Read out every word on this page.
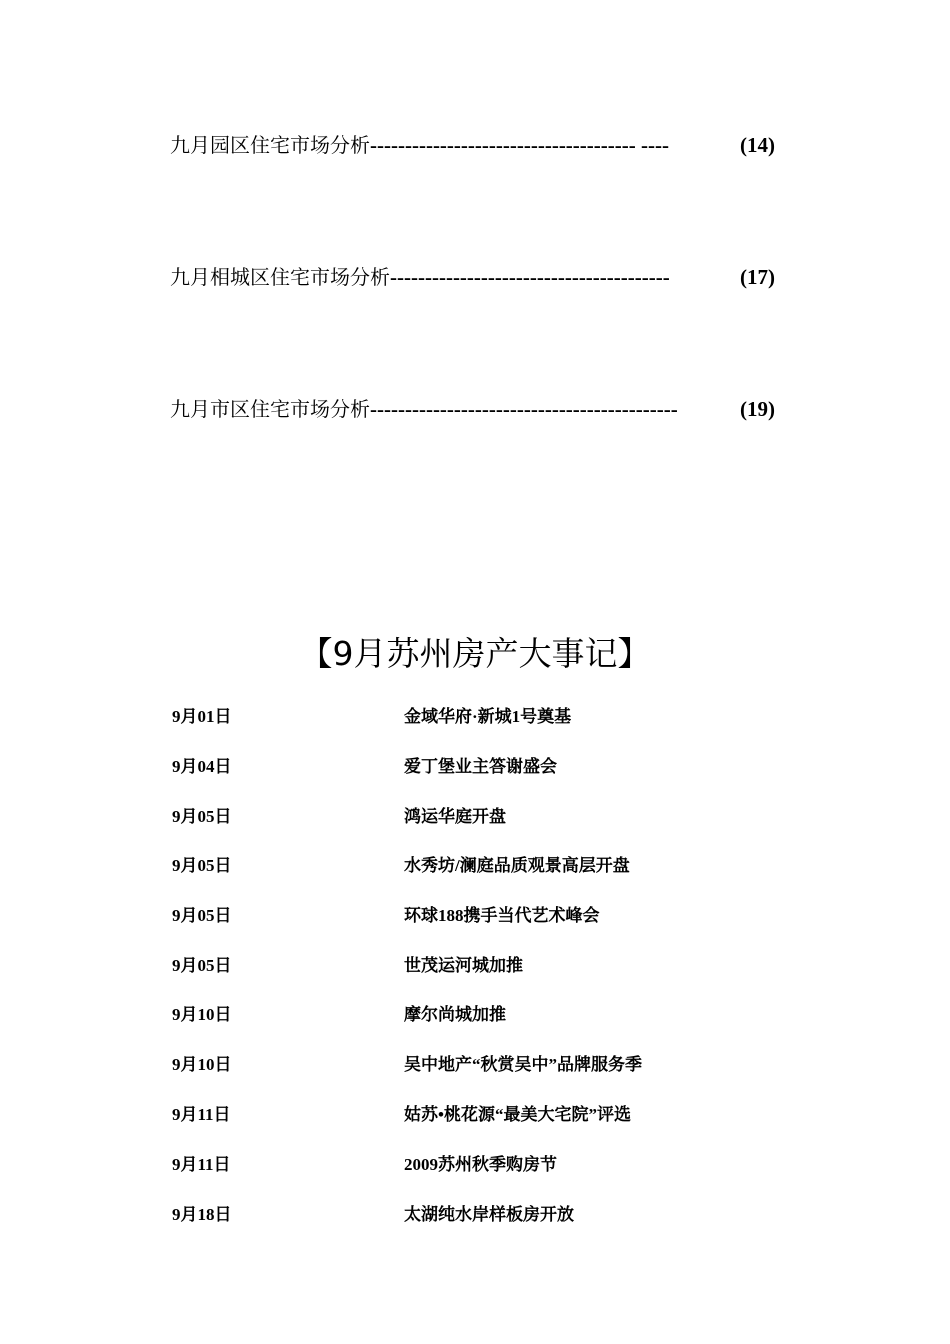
九月园区住宅市场分析-------------------------------------- ----	(14)
九月相城区住宅市场分析----------------------------------------	(17)
九月市区住宅市场分析--------------------------------------------	(19)
【9月苏州房产大事记】
9月01日	金域华府·新城1号奠基
9月04日	爱丁堡业主答谢盛会
9月05日	鸿运华庭开盘
9月05日	水秀坊/澜庭品质观景高层开盘
9月05日	环球188携手当代艺术峰会
9月05日	世茂运河城加推
9月10日	摩尔尚城加推
9月10日	吴中地产“秋赏吴中”品牌服务季
9月11日	姑苏•桃花源“最美大宅院”评选
9月11日	2009苏州秋季购房节
9月18日	太湖纯水岸样板房开放
